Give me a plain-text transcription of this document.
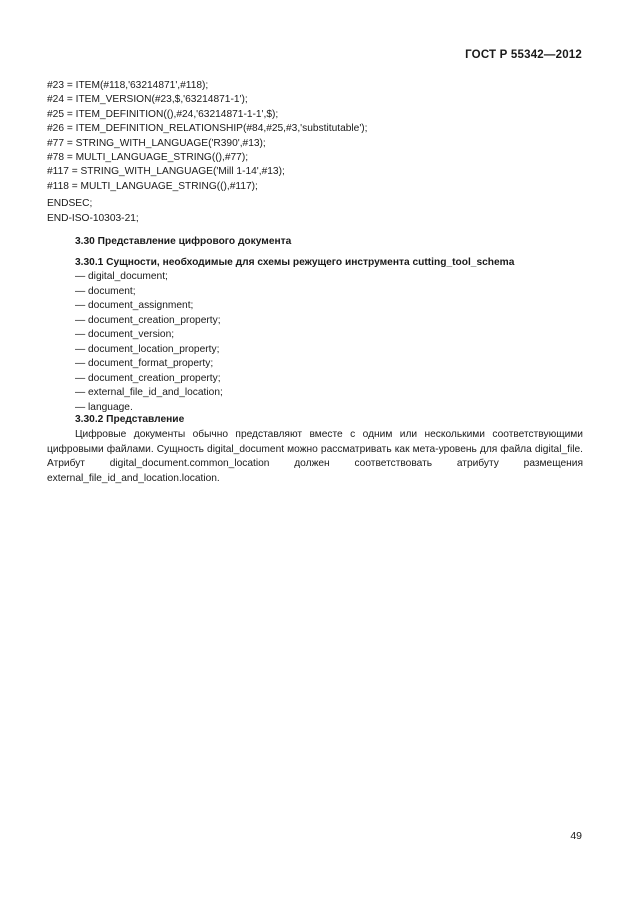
ГОСТ Р 55342—2012
#23 = ITEM(#118,'63214871',#118);
#24 = ITEM_VERSION(#23,$,'63214871-1');
#25 = ITEM_DEFINITION((),#24,'63214871-1-1',$);
#26 = ITEM_DEFINITION_RELATIONSHIP(#84,#25,#3,'substitutable');
#77 = STRING_WITH_LANGUAGE('R390',#13);
#78 = MULTI_LANGUAGE_STRING((),#77);
#117 = STRING_WITH_LANGUAGE('Mill 1-14',#13);
#118 = MULTI_LANGUAGE_STRING((),#117);
ENDSEC;
END-ISO-10303-21;
3.30 Представление цифрового документа
3.30.1 Сущности, необходимые для схемы режущего инструмента cutting_tool_schema
— digital_document;
— document;
— document_assignment;
— document_creation_property;
— document_version;
— document_location_property;
— document_format_property;
— document_creation_property;
— external_file_id_and_location;
— language.
3.30.2 Представление
Цифровые документы обычно представляют вместе с одним или несколькими соответствующими цифровыми файлами. Сущность digital_document можно рассматривать как мета-уровень для файла digital_file. Атрибут digital_document.common_location должен соответствовать атрибуту размещения external_file_id_and_location.location.
49
